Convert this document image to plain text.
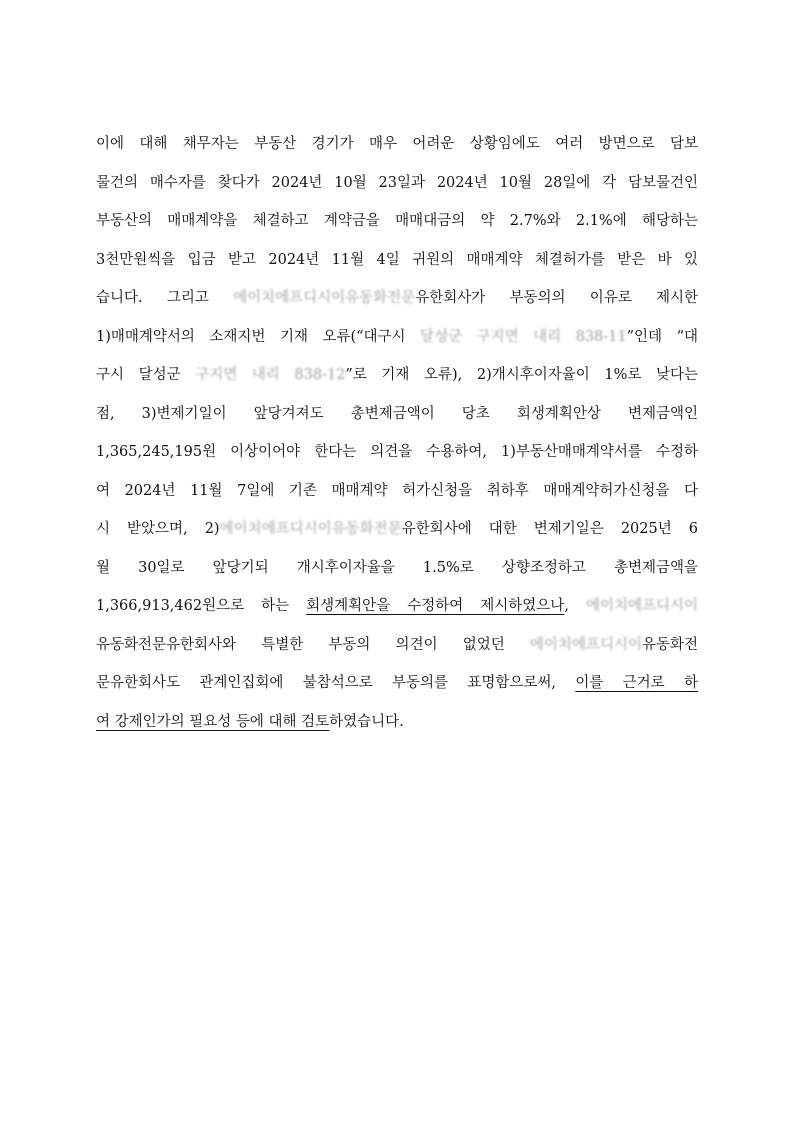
이에 대해 채무자는 부동산 경기가 매우 어려운 상황임에도 여러 방면으로 담보
물건의 매수자를 찾다가 2024년 10월 23일과 2024년 10월 28일에 각 담보물건인
부동산의 매매계약을 체결하고 계약금을 매매대금의 약 2.7%와 2.1%에 해당하는
3천만원씩을 입금 받고 2024년 11월 4일 귀원의 매매계약 체결허가를 받은 바 있
습니다. 그리고 에이치에프디시이유동화전문유한회사가 부동의의 이유로 제시한
1)매매계약서의 소재지번 기재 오류(“대구시 달성군 구지면 내리 838-11”인데 “대
구시 달성군 구지면 내리 838-12”로 기재 오류), 2)개시후이자율이 1%로 낮다는
점, 3)변제기일이 앞당겨져도 총변제금액이 당초 회생계획안상 변제금액인
1,365,245,195원 이상이어야 한다는 의견을 수용하여, 1)부동산매매계약서를 수정하
여 2024년 11월 7일에 기존 매매계약 허가신청을 취하후 매매계약허가신청을 다
시 받았으며, 2)에이치에프디시이유동화전문유한회사에 대한 변제기일은 2025년 6
월 30일로 앞당기되 개시후이자율을 1.5%로 상향조정하고 총변제금액을
1,366,913,462원으로 하는 회생계획안을 수정하여 제시하였으나, 에이치에프디시이
유동화전문유한회사와 특별한 부동의 의견이 없었던 에이치에프디시이유동화전
문유한회사도 관계인집회에 불참석으로 부동의를 표명함으로써, 이를 근거로 하
여 강제인가의 필요성 등에 대해 검토하였습니다.
